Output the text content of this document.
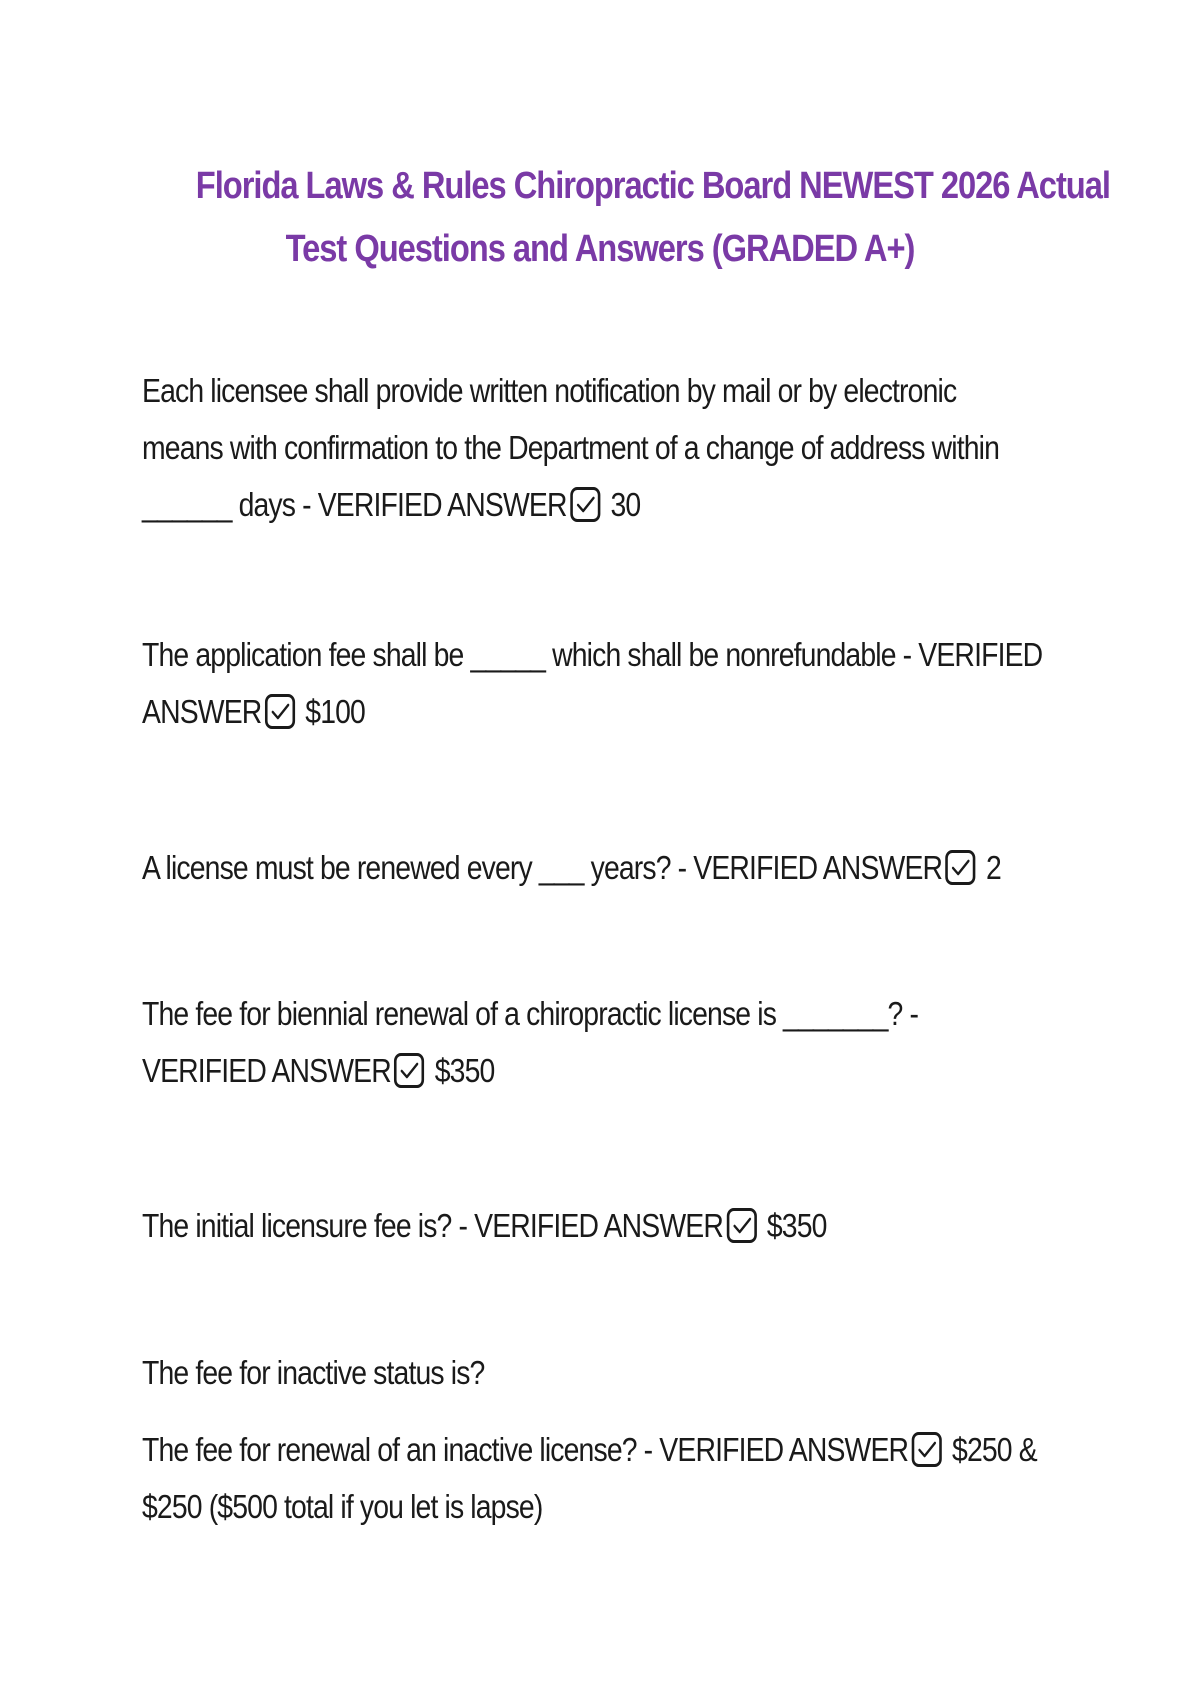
Florida Laws & Rules Chiropractic Board NEWEST 2026 Actual
Test Questions and Answers (GRADED A+)
Each licensee shall provide written notification by mail or by electronic
means with confirmation to the Department of a change of address within
______ days - VERIFIED ANSWER 30
The application fee shall be _____ which shall be nonrefundable - VERIFIED
ANSWER $100
A license must be renewed every ___ years? - VERIFIED ANSWER 2
The fee for biennial renewal of a chiropractic license is _______? -
VERIFIED ANSWER $350
The initial licensure fee is? - VERIFIED ANSWER $350
The fee for inactive status is?
The fee for renewal of an inactive license? - VERIFIED ANSWER $250 &
$250 ($500 total if you let is lapse)
